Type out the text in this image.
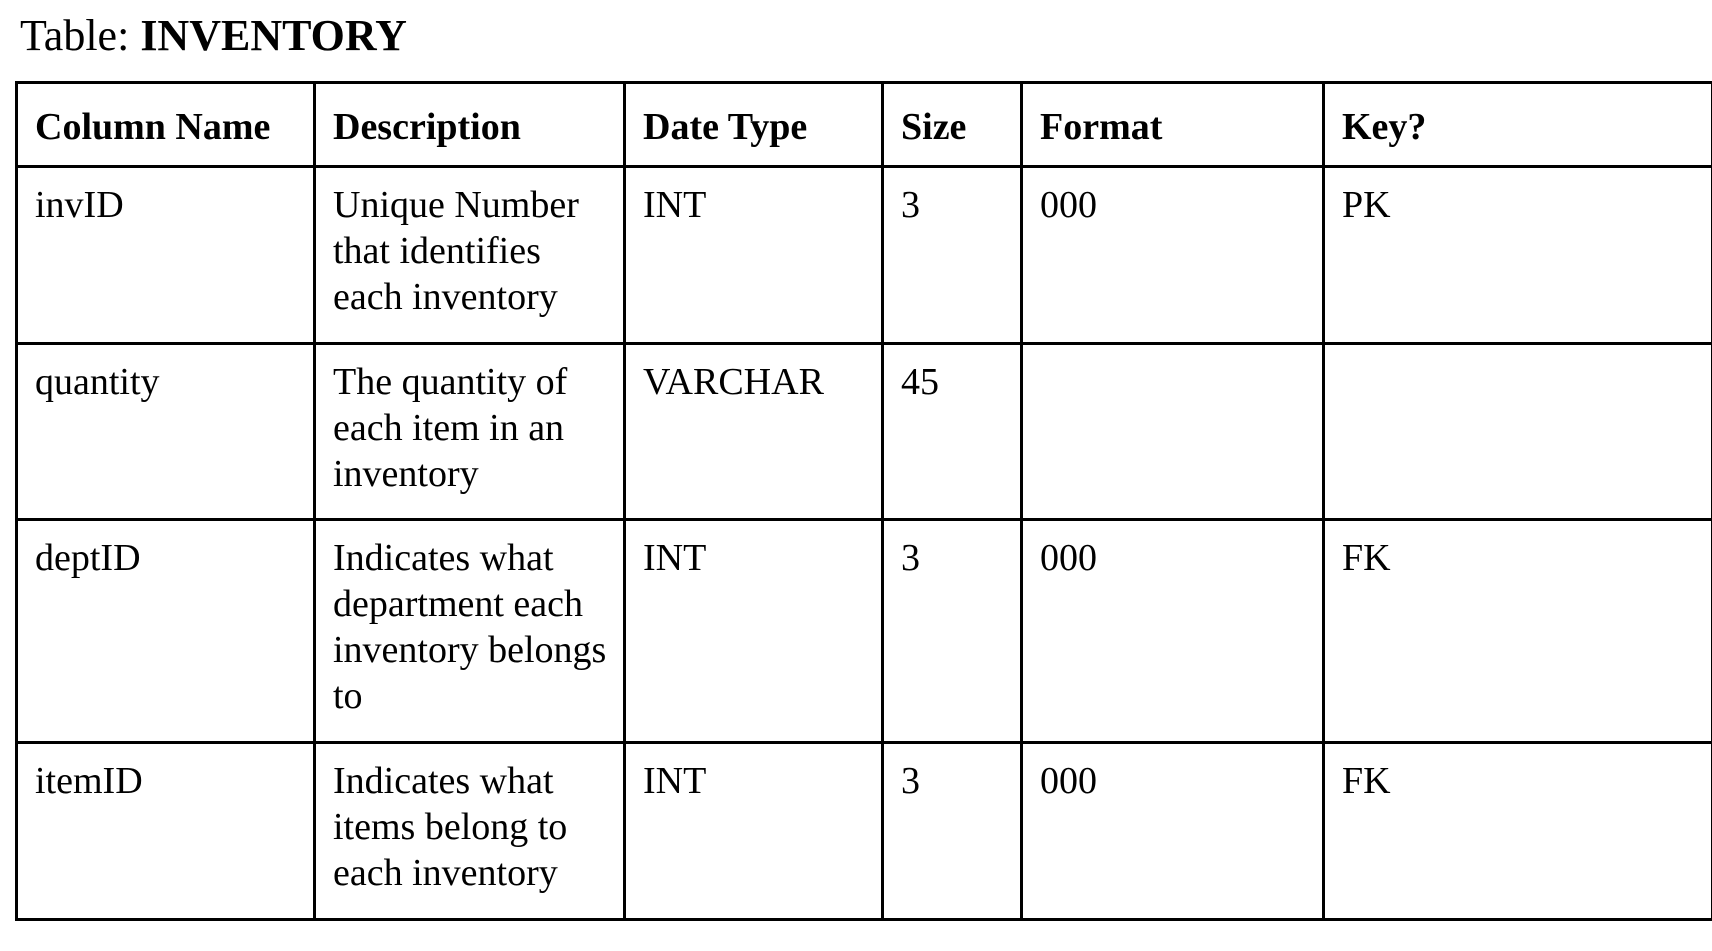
Table: INVENTORY
Column Name	Description	Date Type	Size	Format	Key?
invID	Unique Number that identifies each inventory	INT	3	000	PK
quantity	The quantity of each item in an inventory	VARCHAR	45		
deptID	Indicates what department each inventory belongs to	INT	3	000	FK
itemID	Indicates what items belong to each inventory	INT	3	000	FK
